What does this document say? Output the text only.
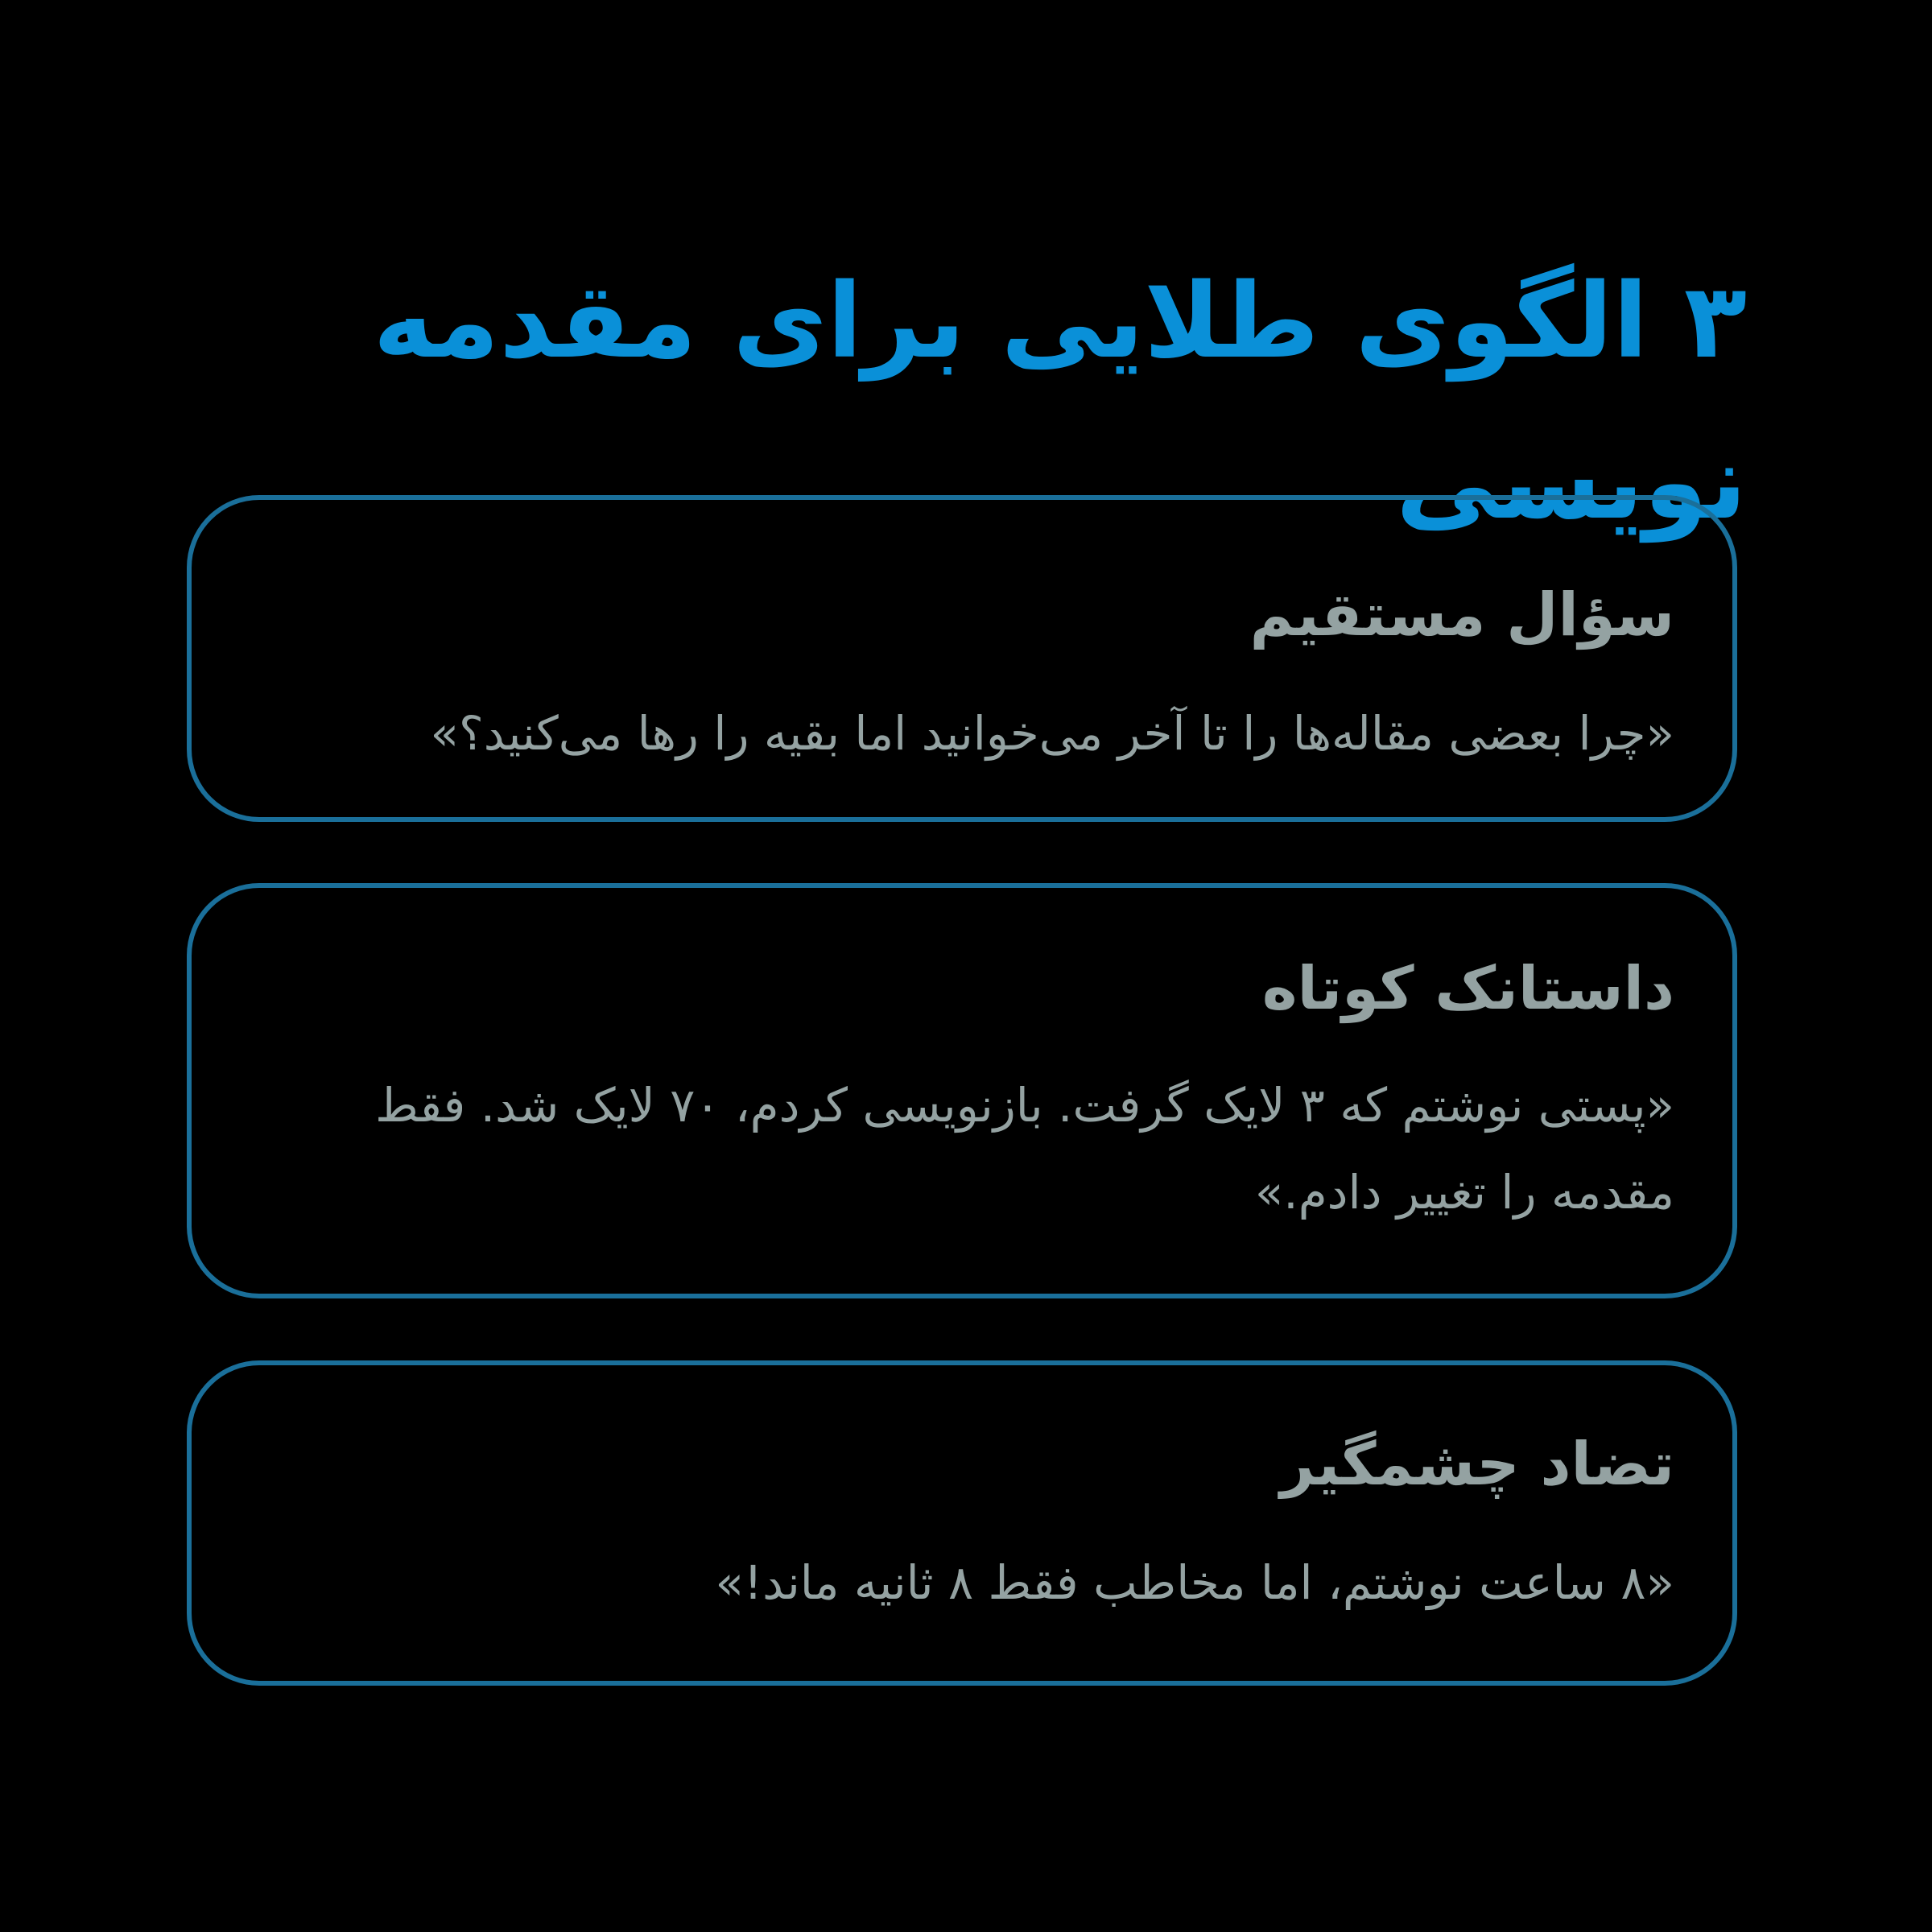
۳ الگوی طلایی برای مقدمه نویسی
سؤال مستقیم

«چرا بعضی مقاله‌ها را تا آخر می‌خوانید اما بقیه را رها می‌کنید؟»

داستانک کوتاه

«پستی نوشتم که ۳ لایک گرفت. بازنویسی کردم، ۷۰ لایک شد. فقط مقدمه را تغییر دادم.»

تضاد چشمگیر

«۸ ساعت نوشتم، اما مخاطب فقط ۸ ثانیه ماند!»
